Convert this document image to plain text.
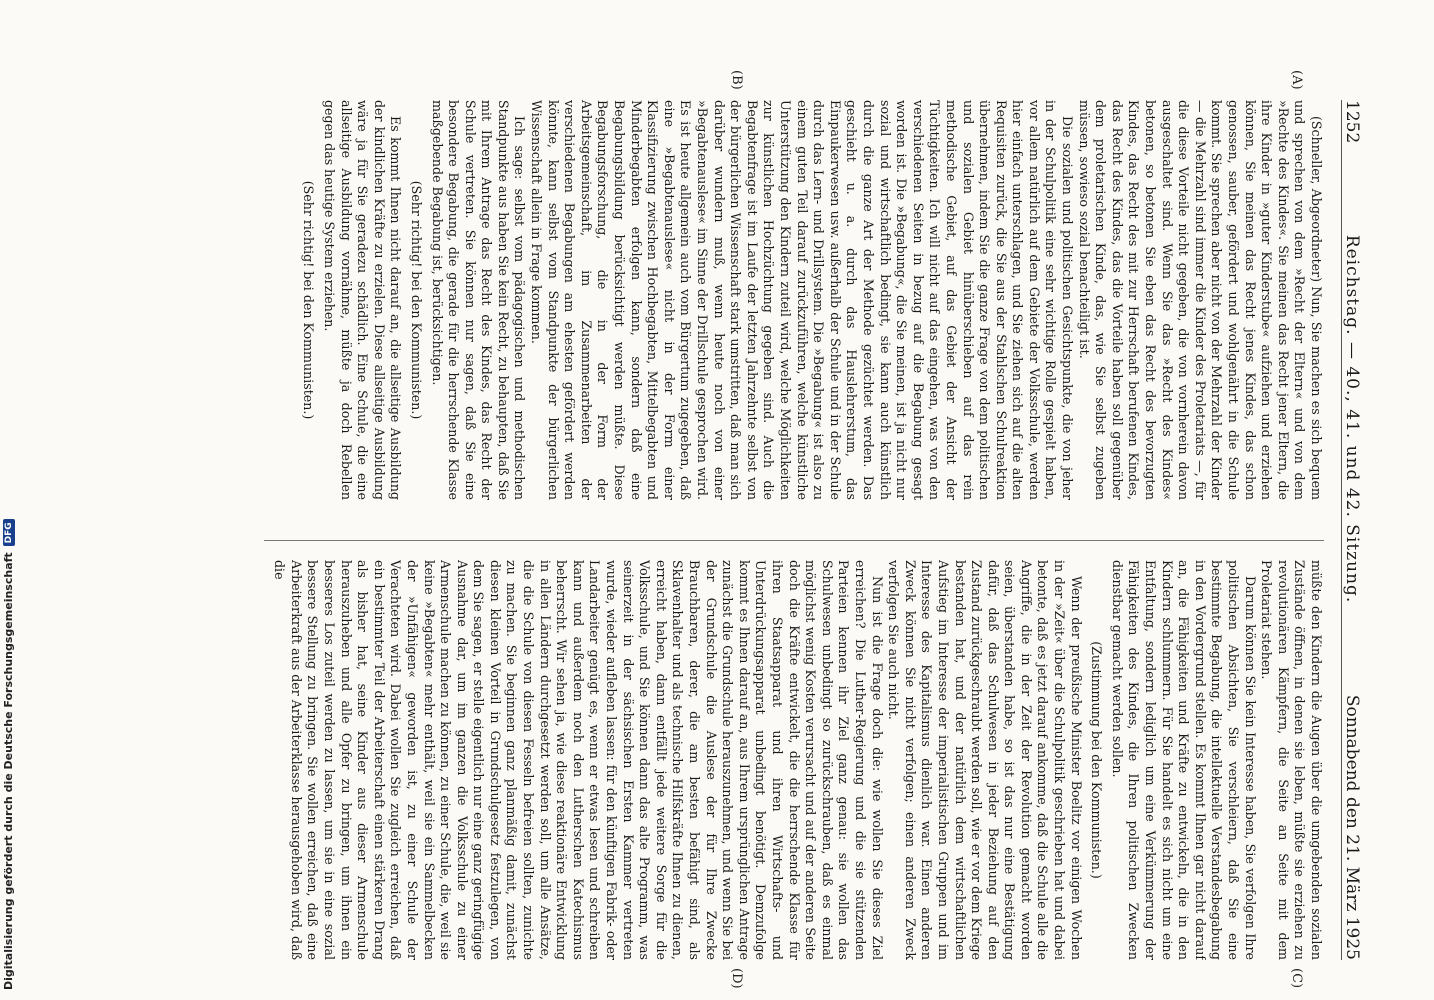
1252
Reichstag. — 40., 41. und 42. Sitzung.
Sonnabend den 21. März 1925
(A)
(B)
(C)
(D)

(Schneller, Abgeordneter) Nun, Sie machen es sich bequem und sprechen von dem »Recht der Eltern« und von dem »Rechte des Kindes«. Sie meinen das Recht jener Eltern, die ihre Kinder in »guter Kinderstube« aufziehen und erziehen können, Sie meinen das Recht jenes Kindes, das schon genossen, sauber, gefördert und wohlgenährt in die Schule kommt. Sie sprechen aber nicht von der Mehrzahl der Kinder — die Mehrzahl sind immer die Kinder des Proletariats —, für die diese Vorteile nicht gegeben, die von vornherein davon ausgeschaltet sind. Wenn Sie das »Recht des Kindes« betonen, so betonen Sie eben das Recht des bevorzugten Kindes, das Recht des mit zur Herrschaft berufenen Kindes, das Recht des Kindes, das die Vorteile haben soll gegenüber dem proletarischen Kinde, das, wie Sie selbst zugeben müssen, sowieso sozial benachteiligt ist.

Die sozialen und politischen Gesichtspunkte, die von jeher in der Schulpolitik eine sehr wichtige Rolle gespielt haben, vor allem natürlich auf dem Gebiete der Volksschule, werden hier einfach unterschlagen, und Sie ziehen sich auf die alten Requisiten zurück, die Sie aus der Stahlschen Schulreaktion übernehmen, indem Sie die ganze Frage von dem politischen und sozialen Gebiet hinüberschieben auf das rein methodische Gebiet, auf das Gebiet der Ansicht der Tüchtigkeiten. Ich will nicht auf das eingehen, was von den verschiedenen Seiten in bezug auf die Begabung gesagt worden ist. Die »Begabung«, die Sie meinen, ist ja nicht nur sozial und wirtschaftlich bedingt, sie kann auch künstlich durch die ganze Art der Methode gezüchtet werden. Das geschieht u. a. durch das Hauslehrerstum, das Einpaukerwesen usw. außerhalb der Schule und in der Schule durch das Lern- und Drillsystem. Die »Begabung« ist also zu einem guten Teil darauf zurückzuführen, welche künstliche Unterstützung den Kindern zuteil wird, welche Möglichkeiten zur künstlichen Hochzüchtung gegeben sind. Auch die Begabtenfrage ist im Laufe der letzten Jahrzehnte selbst von der bürgerlichen Wissenschaft stark umstritten, daß man sich darüber wundern muß, wenn heute noch von einer »Begabtenauslese« im Sinne der Drillschule gesprochen wird. Es ist heute allgemein auch vom Bürgertum zugegeben, daß eine »Begabtenauslese« nicht in der Form einer Klassifizierung zwischen Hochbegabten, Mittelbegabten und Minderbegabten erfolgen kann, sondern daß eine Begabungsbildung berücksichtigt werden müßte. Diese Begabungsforschung, die in der Form der Arbeitsgemeinschaft, im Zusammenarbeiten der verschiedenen Begabungen am ehesten gefördert werden könnte, kann selbst vom Standpunkte der bürgerlichen Wissenschaft allein in Frage kommen.

Ich sage: selbst vom pädagogischen und methodischen Standpunkte aus haben Sie kein Recht, zu behaupten, daß Sie mit Ihrem Antrage das Recht des Kindes, das Recht der Schule vertreten. Sie können nur sagen, daß Sie eine besondere Begabung, die gerade für die herrschende Klasse maßgebende Begabung ist, berücksichtigen.

(Sehr richtig! bei den Kommunisten.)

Es kommt Ihnen nicht darauf an, die allseitige Ausbildung der kindlichen Kräfte zu erzielen. Diese allseitige Ausbildung wäre ja für Sie geradezu schädlich. Eine Schule, die eine allseitige Ausbildung vornähme, müßte ja doch Rebellen gegen das heutige System erziehen.

(Sehr richtig! bei den Kommunisten.)

müßte den Kindern die Augen über die umgebenden sozialen Zustände öffnen, in denen sie leben, müßte sie erziehen zu revolutionären Kämpfern, die Seite an Seite mit dem Proletariat stehen.

Darum können Sie kein Interesse haben, Sie verfolgen Ihre politischen Absichten, Sie verschleiern, daß Sie eine bestimmte Begabung, die intellektuelle Verstandesbegabung in den Vordergrund stellen. Es kommt Ihnen gar nicht darauf an, die Fähigkeiten und Kräfte zu entwickeln, die in den Kindern schlummern. Für Sie handelt es sich nicht um eine Entfaltung, sondern lediglich um eine Verkümmerung der Fähigkeiten des Kindes, die Ihren politischen Zwecken dienstbar gemacht werden sollen.

(Zustimmung bei den Kommunisten.)

Wenn der preußische Minister Boelitz vor einigen Wochen in der »Zeit« über die Schulpolitik geschrieben hat und dabei betonte, daß es jetzt darauf ankomme, daß die Schule alle die Angriffe, die in der Zeit der Revolution gemacht worden seien, überstanden habe, so ist das nur eine Bestätigung dafür, daß das Schulwesen in jeder Beziehung auf den Zustand zurückgeschraubt werden soll, wie er vor dem Kriege bestanden hat, und der natürlich dem wirtschaftlichen Aufstieg im Interesse der imperialistischen Gruppen und im Interesse des Kapitalismus dienlich war. Einen anderen Zweck können Sie nicht verfolgen; einen anderen Zweck verfolgen Sie auch nicht.

Nun ist die Frage doch die: wie wollen Sie dieses Ziel erreichen? Die Luther-Regierung und die sie stützenden Parteien kennen ihr Ziel ganz genau: sie wollen das Schulwesen unbedingt so zurückschrauben, daß es einmal möglichst wenig Kosten verursacht und auf der anderen Seite doch die Kräfte entwickelt, die die herrschende Klasse für ihren Staatsapparat und ihren Wirtschafts- und Unterdrückungsapparat unbedingt benötigt. Demzufolge kommt es Ihnen darauf an, aus Ihrem ursprünglichen Antrage zunächst die Grundschule herauszunehmen, und wenn Sie bei der Grundschule die Auslese der für Ihre Zwecke Brauchbaren, derer, die am besten befähigt sind, als Sklavenhalter und als technische Hilfskräfte Ihnen zu dienen, erreicht haben, dann entfällt jede weitere Sorge für die Volksschule, und Sie können dann das alte Programm, was seinerzeit in der sächsischen Ersten Kammer vertreten wurde, wieder aufleben lassen: für den künftigen Fabrik- oder Landarbeiter genügt es, wenn er etwas lesen und schreiben kann und außerdem noch den Lutherschen Katechismus beherrscht. Wir sehen ja, wie diese reaktionäre Entwicklung in allen Ländern durchgesetzt werden soll, um alle Ansätze, die die Schule von diesen Fesseln befreien sollten, zunichte zu machen. Sie beginnen ganz planmäßig damit, zunächst diesen kleinen Vorteil in Grundschulgesetz festzulegen, von dem Sie sagen, er stelle eigentlich nur eine ganz geringfügige Ausnahme dar, um im ganzen die Volksschule zu einer Armenschule machen zu können, zu einer Schule, die, weil sie keine »Begabten« mehr enthält, weil sie ein Sammelbecken der »Unfähigen« geworden ist, zu einer Schule der Verachteten wird. Dabei wollen Sie zugleich erreichen, daß ein bestimmter Teil der Arbeiterschaft einen stärkeren Drang als bisher hat, seine Kinder aus dieser Armenschule herauszuheben und alle Opfer zu bringen, um ihnen ein besseres Los zuteil werden zu lassen, um sie in eine sozial bessere Stellung zu bringen. Sie wollen erreichen, daß eine Arbeiterkraft aus der Arbeiterklasse herausgehoben wird, daß die

Digitalisierung gefördert durch die Deutsche Forschungsgemeinschaft
DFG
